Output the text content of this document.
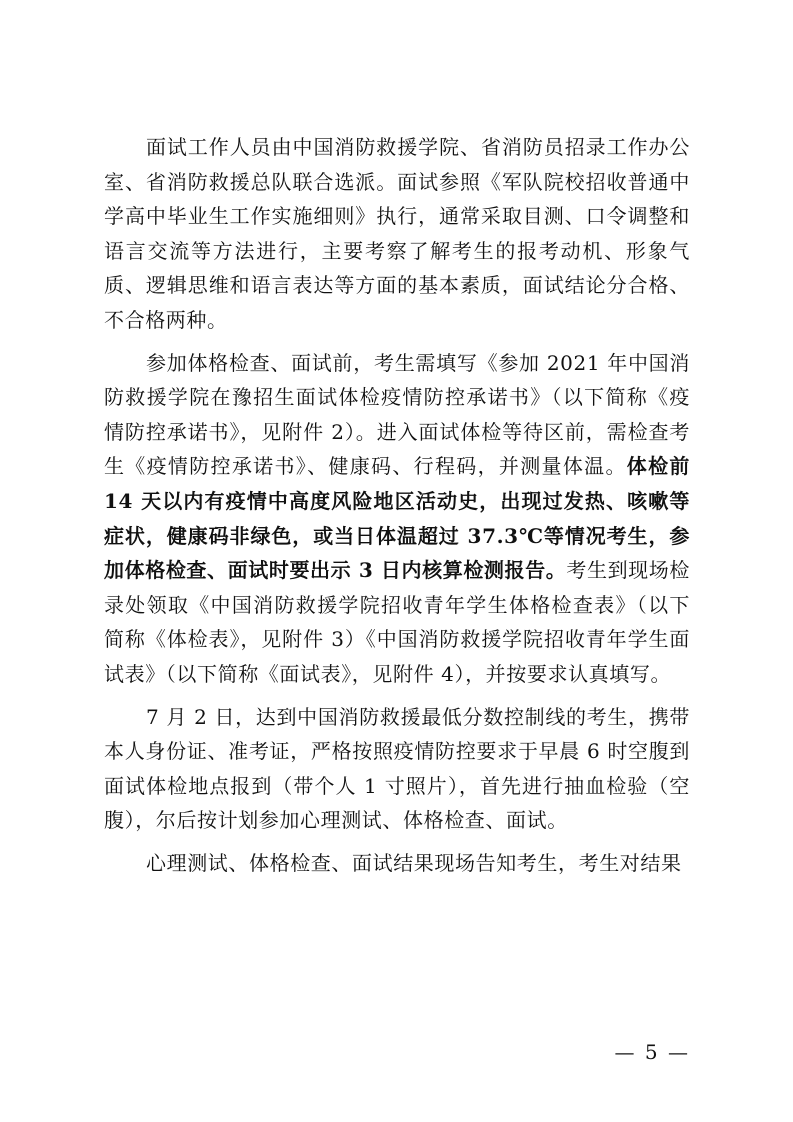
面试工作人员由中国消防救援学院、省消防员招录工作办公室、省消防救援总队联合选派。面试参照《军队院校招收普通中学高中毕业生工作实施细则》执行，通常采取目测、口令调整和语言交流等方法进行，主要考察了解考生的报考动机、形象气质、逻辑思维和语言表达等方面的基本素质，面试结论分合格、不合格两种。

参加体格检查、面试前，考生需填写《参加 2021 年中国消防救援学院在豫招生面试体检疫情防控承诺书》（以下简称《疫情防控承诺书》，见附件 2）。进入面试体检等待区前，需检查考生《疫情防控承诺书》、健康码、行程码，并测量体温。体检前 14 天以内有疫情中高度风险地区活动史，出现过发热、咳嗽等症状，健康码非绿色，或当日体温超过 37.3℃等情况考生，参加体格检查、面试时要出示 3 日内核算检测报告。考生到现场检录处领取《中国消防救援学院招收青年学生体格检查表》（以下简称《体检表》，见附件 3）《中国消防救援学院招收青年学生面试表》（以下简称《面试表》，见附件 4），并按要求认真填写。

7 月 2 日，达到中国消防救援最低分数控制线的考生，携带本人身份证、准考证，严格按照疫情防控要求于早晨 6 时空腹到面试体检地点报到（带个人 1 寸照片），首先进行抽血检验（空腹），尔后按计划参加心理测试、体格检查、面试。

心理测试、体格检查、面试结果现场告知考生，考生对结果

— 5 —
